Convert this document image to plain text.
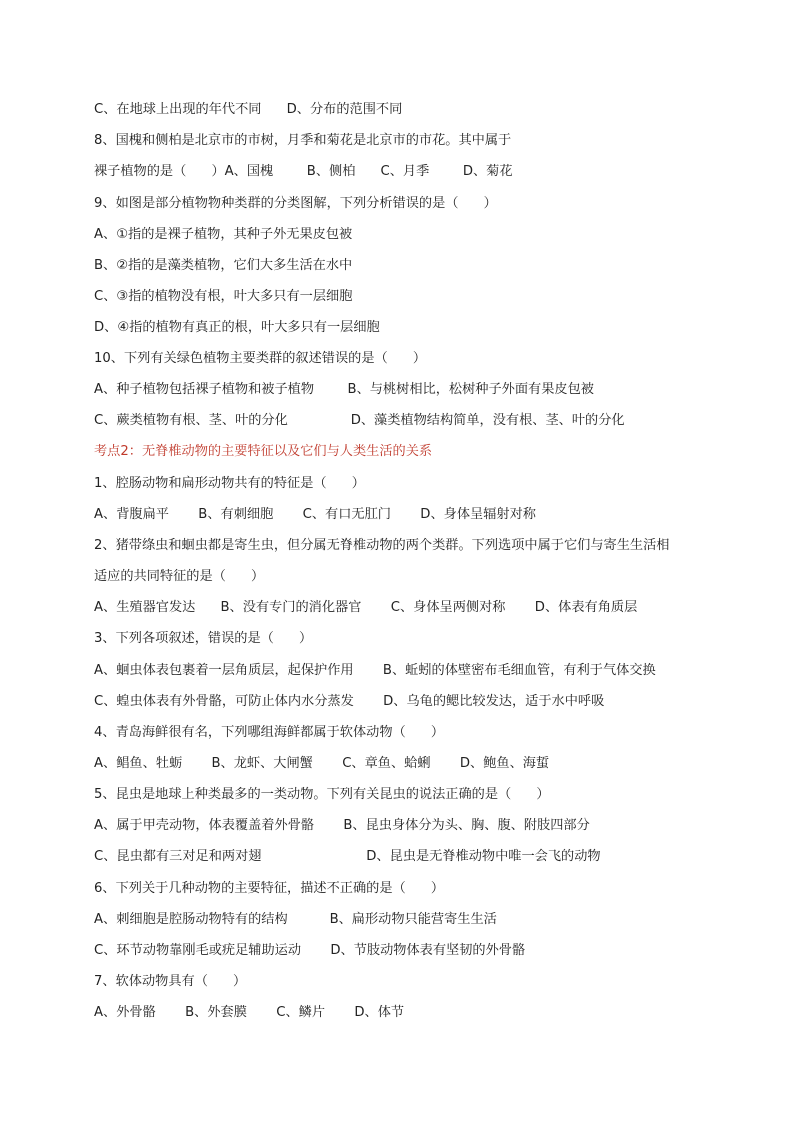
C、在地球上出现的年代不同      D、分布的范围不同
8、国槐和侧柏是北京市的市树，月季和菊花是北京市的市花。其中属于
裸子植物的是（      ）A、国槐        B、侧柏      C、月季        D、菊花
9、如图是部分植物物种类群的分类图解，下列分析错误的是（      ）
A、①指的是裸子植物，其种子外无果皮包被
B、②指的是藻类植物，它们大多生活在水中
C、③指的植物没有根，叶大多只有一层细胞
D、④指的植物有真正的根，叶大多只有一层细胞
10、下列有关绿色植物主要类群的叙述错误的是（      ）
A、种子植物包括裸子植物和被子植物        B、与桃树相比，松树种子外面有果皮包被
C、蕨类植物有根、茎、叶的分化               D、藻类植物结构简单，没有根、茎、叶的分化
考点2：无脊椎动物的主要特征以及它们与人类生活的关系
1、腔肠动物和扁形动物共有的特征是（      ）
A、背腹扁平       B、有刺细胞       C、有口无肛门       D、身体呈辐射对称
2、猪带绦虫和蛔虫都是寄生虫，但分属无脊椎动物的两个类群。下列选项中属于它们与寄生生活相
适应的共同特征的是（      ）
A、生殖器官发达      B、没有专门的消化器官       C、身体呈两侧对称       D、体表有角质层
3、下列各项叙述，错误的是（      ）
A、蛔虫体表包裹着一层角质层，起保护作用       B、蚯蚓的体壁密布毛细血管，有利于气体交换
C、蝗虫体表有外骨骼，可防止体内水分蒸发       D、乌龟的鳃比较发达，适于水中呼吸
4、青岛海鲜很有名，下列哪组海鲜都属于软体动物（      ）
A、鲳鱼、牡蛎       B、龙虾、大闸蟹       C、章鱼、蛤蜊       D、鲍鱼、海蜇
5、昆虫是地球上种类最多的一类动物。下列有关昆虫的说法正确的是（      ）
A、属于甲壳动物，体表覆盖着外骨骼       B、昆虫身体分为头、胸、腹、附肢四部分
C、昆虫都有三对足和两对翅                         D、昆虫是无脊椎动物中唯一会飞的动物
6、下列关于几种动物的主要特征，描述不正确的是（      ）
A、刺细胞是腔肠动物特有的结构          B、扁形动物只能营寄生生活
C、环节动物靠刚毛或疣足辅助运动       D、节肢动物体表有坚韧的外骨骼
7、软体动物具有（      ）
A、外骨骼       B、外套膜       C、鳞片       D、体节
